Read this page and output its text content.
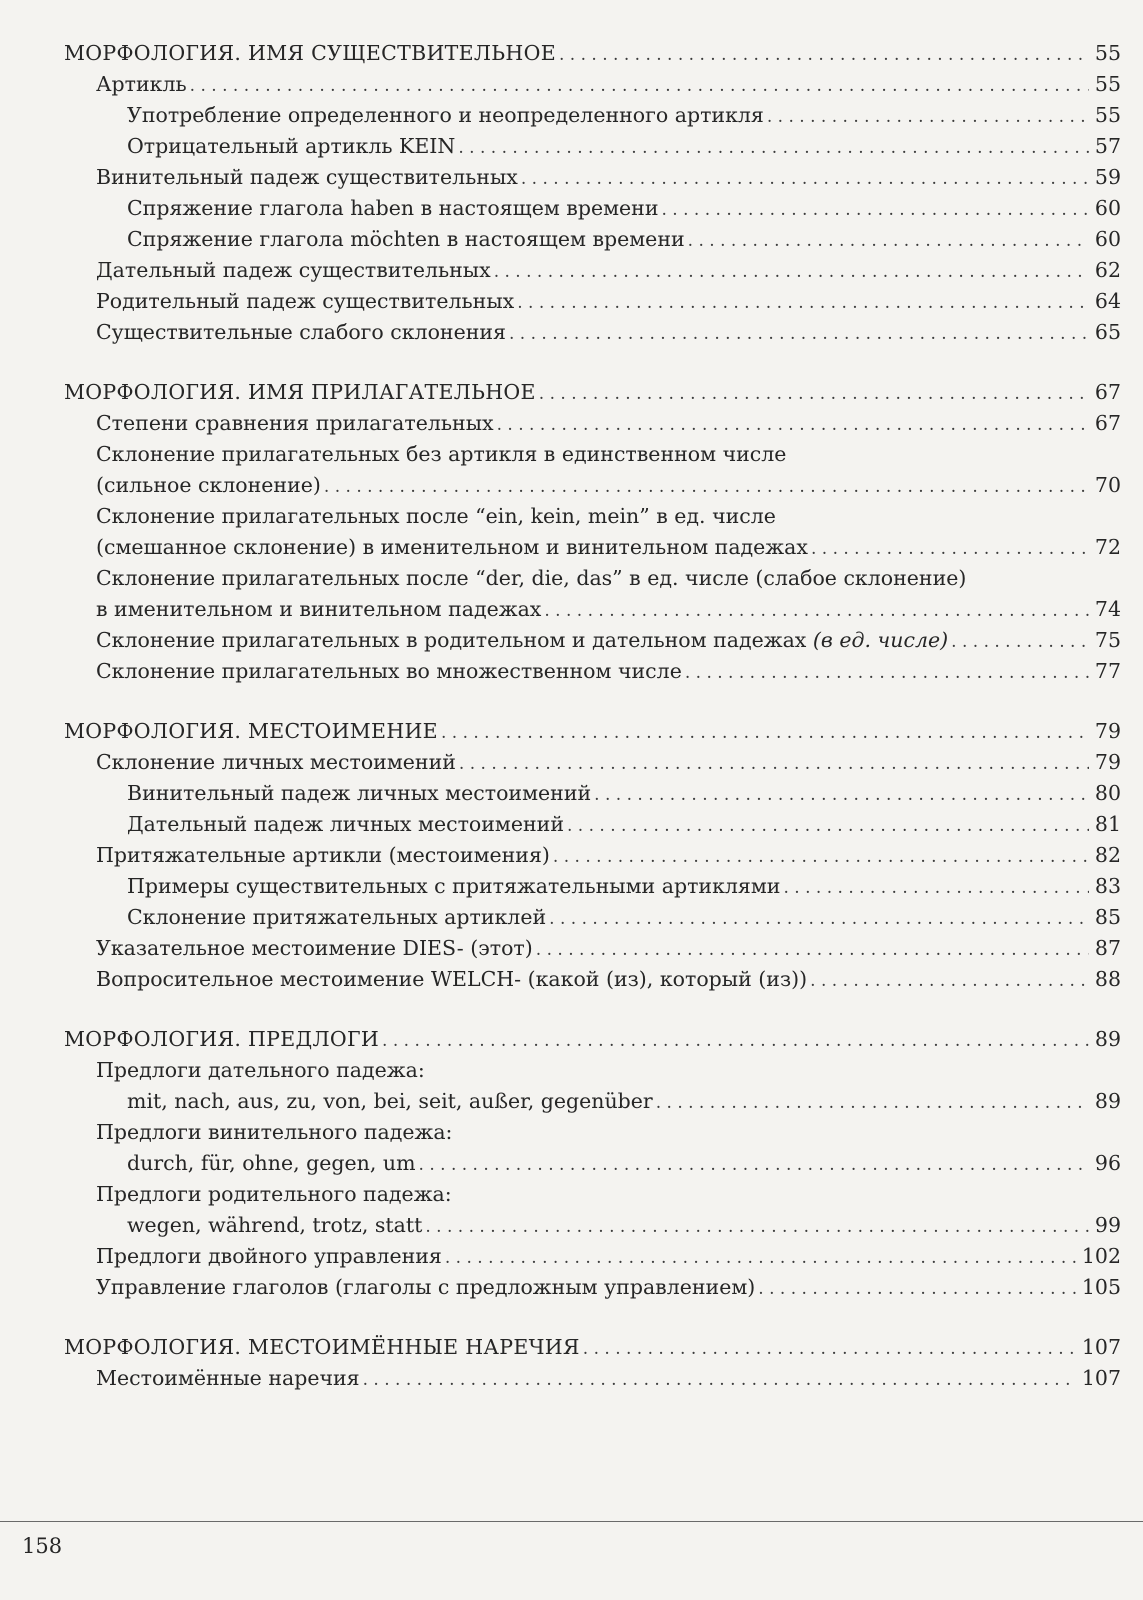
МОРФОЛОГИЯ. ИМЯ СУЩЕСТВИТЕЛЬНОЕ . . .	55
Артикль . . .	55
Употребление определенного и неопределенного артикля . . .	55
Отрицательный артикль KEIN . . .	57
Винительный падеж существительных . . .	59
Спряжение глагола haben в настоящем времени . . .	60
Спряжение глагола möchten в настоящем времени . . .	60
Дательный падеж существительных . . .	62
Родительный падеж существительных . . .	64
Существительные слабого склонения . . .	65
МОРФОЛОГИЯ. ИМЯ ПРИЛАГАТЕЛЬНОЕ . . .	67
Степени сравнения прилагательных . . .	67
Склонение прилагательных без артикля в единственном числе
(сильное склонение) . . .	70
Склонение прилагательных после “ein, kein, mein” в ед. числе
(смешанное склонение) в именительном и винительном падежах . . .	72
Склонение прилагательных после “der, die, das” в ед. числе (слабое склонение)
в именительном и винительном падежах . . .	74
Склонение прилагательных в родительном и дательном падежах (в ед. числе) . . .	75
Склонение прилагательных во множественном числе . . .	77
МОРФОЛОГИЯ. МЕСТОИМЕНИЕ . . .	79
Склонение личных местоимений . . .	79
Винительный падеж личных местоимений . . .	80
Дательный падеж личных местоимений . . .	81
Притяжательные артикли (местоимения) . . .	82
Примеры существительных с притяжательными артиклями . . .	83
Склонение притяжательных артиклей . . .	85
Указательное местоимение DIES- (этот) . . .	87
Вопросительное местоимение WELCH- (какой (из), который (из)) . . .	88
МОРФОЛОГИЯ. ПРЕДЛОГИ . . .	89
Предлоги дательного падежа:
mit, nach, aus, zu, von, bei, seit, außer, gegenüber . . .	89
Предлоги винительного падежа:
durch, für, ohne, gegen, um . . .	96
Предлоги родительного падежа:
wegen, während, trotz, statt . . .	99
Предлоги двойного управления . . .	102
Управление глаголов (глаголы с предложным управлением) . . .	105
МОРФОЛОГИЯ. МЕСТОИМЁННЫЕ НАРЕЧИЯ . . .	107
Местоимённые наречия . . .	107
158
